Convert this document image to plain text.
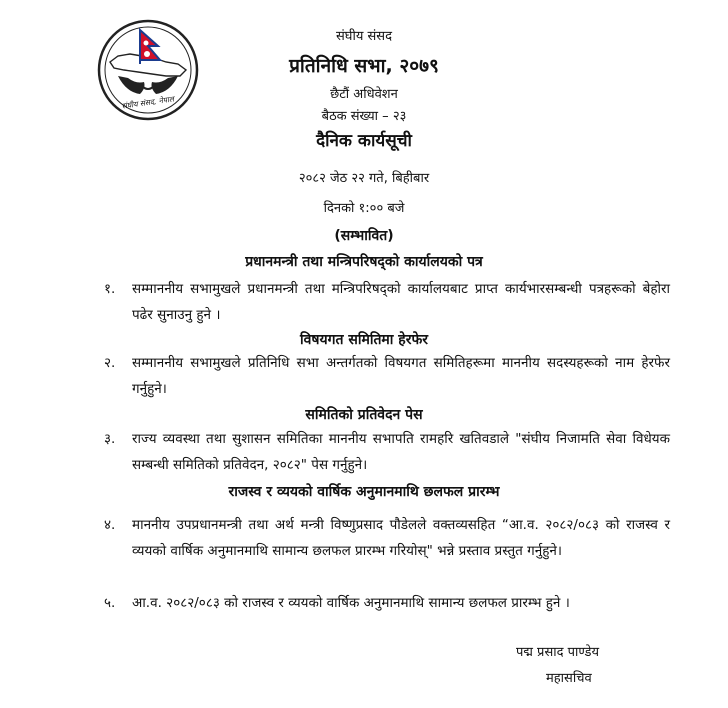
संघीय संसद, नेपाल
संघीय संसद
प्रतिनिधि सभा, २०७९
छैटौं अधिवेशन
बैठक संख्या – २३
दैनिक कार्यसूची
२०८२ जेठ २२ गते, बिहीबार
दिनको १:०० बजे
(सम्भावित)
प्रधानमन्त्री तथा मन्त्रिपरिषद्को कार्यालयको पत्र
१.	सम्माननीय सभामुखले प्रधानमन्त्री तथा मन्त्रिपरिषद्को कार्यालयबाट प्राप्त कार्यभारसम्बन्धी पत्रहरूको बेहोरा पढेर सुनाउनु हुने ।
विषयगत समितिमा हेरफेर
२.	सम्माननीय सभामुखले प्रतिनिधि सभा अन्तर्गतको विषयगत समितिहरूमा माननीय सदस्यहरूको नाम हेरफेर गर्नुहुने।
समितिको प्रतिवेदन पेस
३.	राज्य व्यवस्था तथा सुशासन समितिका माननीय सभापति रामहरि खतिवडाले "संघीय निजामति सेवा विधेयक सम्बन्धी समितिको प्रतिवेदन, २०८२" पेस गर्नुहुने।
राजस्व र व्ययको वार्षिक अनुमानमाथि छलफल प्रारम्भ
४.	माननीय उपप्रधानमन्त्री तथा अर्थ मन्त्री विष्णुप्रसाद पौडेलले वक्तव्यसहित “आ.व. २०८२/०८३ को राजस्व र व्ययको वार्षिक अनुमानमाथि सामान्य छलफल प्रारम्भ गरियोस्" भन्ने प्रस्ताव प्रस्तुत गर्नुहुने।
५.	आ.व. २०८२/०८३ को राजस्व र व्ययको वार्षिक अनुमानमाथि सामान्य छलफल प्रारम्भ हुने ।
पद्म प्रसाद पाण्डेय
महासचिव
